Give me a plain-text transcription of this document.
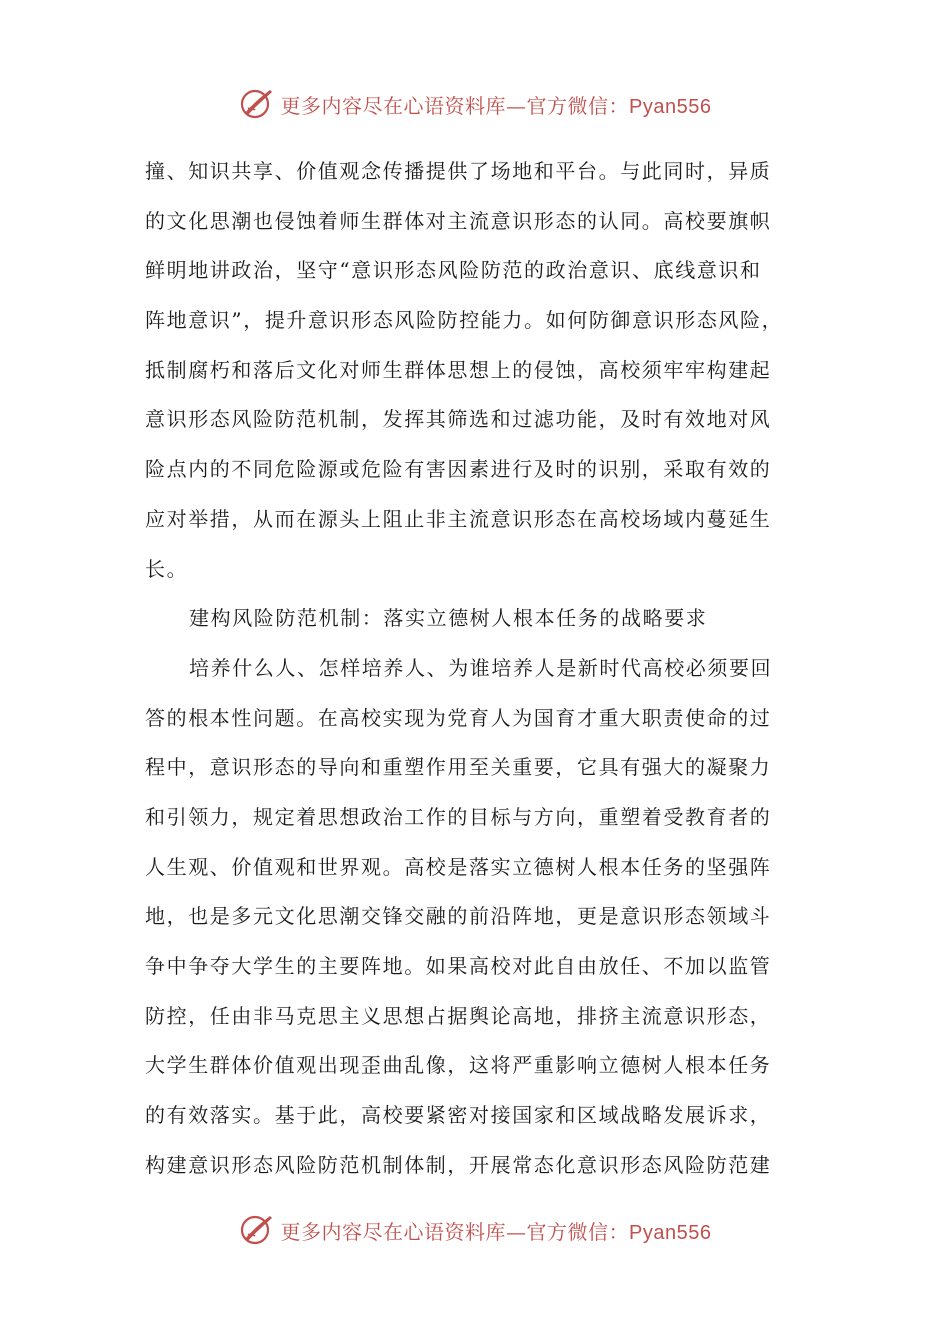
更多内容尽在心语资料库—官方微信：Pyan556
撞、知识共享、价值观念传播提供了场地和平台。与此同时，异质
的文化思潮也侵蚀着师生群体对主流意识形态的认同。高校要旗帜
鲜明地讲政治，坚守“意识形态风险防范的政治意识、底线意识和
阵地意识”，提升意识形态风险防控能力。如何防御意识形态风险，
抵制腐朽和落后文化对师生群体思想上的侵蚀，高校须牢牢构建起
意识形态风险防范机制，发挥其筛选和过滤功能，及时有效地对风
险点内的不同危险源或危险有害因素进行及时的识别，采取有效的
应对举措，从而在源头上阻止非主流意识形态在高校场域内蔓延生
长。
建构风险防范机制：落实立德树人根本任务的战略要求
培养什么人、怎样培养人、为谁培养人是新时代高校必须要回
答的根本性问题。在高校实现为党育人为国育才重大职责使命的过
程中，意识形态的导向和重塑作用至关重要，它具有强大的凝聚力
和引领力，规定着思想政治工作的目标与方向，重塑着受教育者的
人生观、价值观和世界观。高校是落实立德树人根本任务的坚强阵
地，也是多元文化思潮交锋交融的前沿阵地，更是意识形态领域斗
争中争夺大学生的主要阵地。如果高校对此自由放任、不加以监管
防控，任由非马克思主义思想占据舆论高地，排挤主流意识形态，
大学生群体价值观出现歪曲乱像，这将严重影响立德树人根本任务
的有效落实。基于此，高校要紧密对接国家和区域战略发展诉求，
构建意识形态风险防范机制体制，开展常态化意识形态风险防范建
更多内容尽在心语资料库—官方微信：Pyan556
